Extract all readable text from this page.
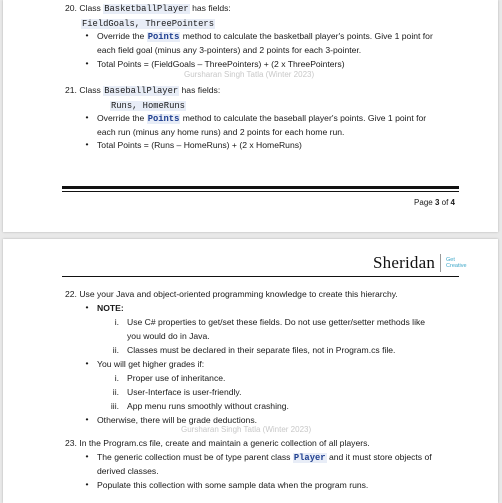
20. Class BasketballPlayer has fields:
FieldGoals, ThreePointers
• Override the Points method to calculate the basketball player's points. Give 1 point for
each field goal (minus any 3-pointers) and 2 points for each 3-pointer.
• Total Points = (FieldGoals – ThreePointers) + (2 x ThreePointers)
Gursharan Singh Tatla (Winter 2023)
21. Class BaseballPlayer has fields:
Runs, HomeRuns
• Override the Points method to calculate the baseball player's points. Give 1 point for
each run (minus any home runs) and 2 points for each home run.
• Total Points = (Runs – HomeRuns) + (2 x HomeRuns)
Page 3 of 4
Sheridan Get
Creative
22. Use your Java and object-oriented programming knowledge to create this hierarchy.
• NOTE:
i. Use C# properties to get/set these fields. Do not use getter/setter methods like
you would do in Java.
ii. Classes must be declared in their separate files, not in Program.cs file.
• You will get higher grades if:
i. Proper use of inheritance.
ii. User-Interface is user-friendly.
iii. App menu runs smoothly without crashing.
• Otherwise, there will be grade deductions.
Gursharan Singh Tatla (Winter 2023)
23. In the Program.cs file, create and maintain a generic collection of all players.
• The generic collection must be of type parent class Player and it must store objects of
derived classes.
• Populate this collection with some sample data when the program runs.
